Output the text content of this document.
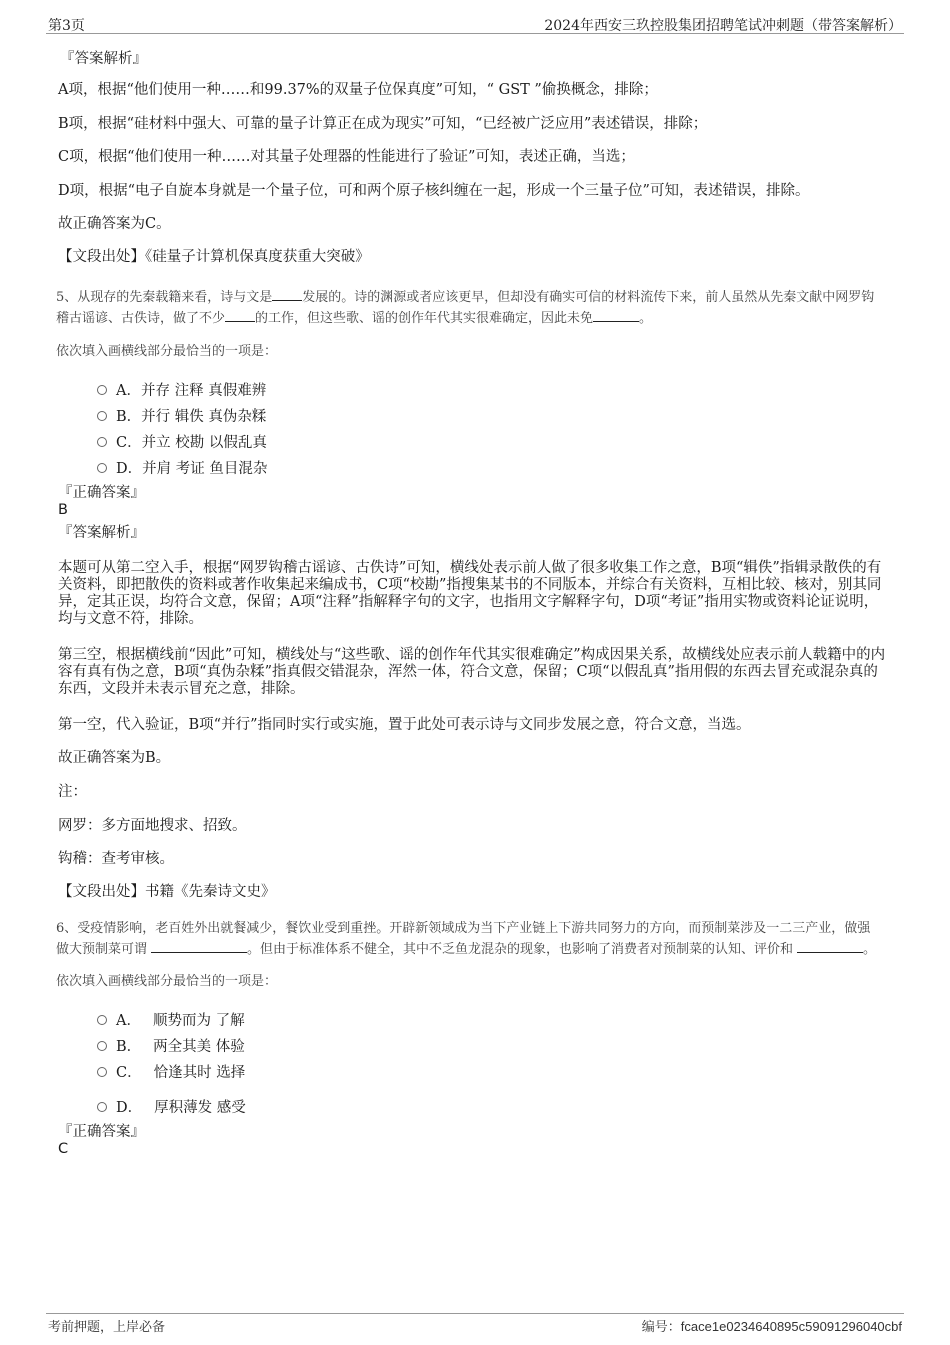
第3页	2024年西安三玖控股集团招聘笔试冲刺题（带答案解析）
『答案解析』
A项，根据“他们使用一种……和99.37%的双量子位保真度”可知，“ GST ”偷换概念，排除；
B项，根据“硅材料中强大、可靠的量子计算正在成为现实”可知，“已经被广泛应用”表述错误，排除；
C项，根据“他们使用一种……对其量子处理器的性能进行了验证”可知，表述正确，当选；
D项，根据“电子自旋本身就是一个量子位，可和两个原子核纠缠在一起，形成一个三量子位”可知，表述错误，排除。
故正确答案为C。
【文段出处】《硅量子计算机保真度获重大突破》

5、从现存的先秦载籍来看，诗与文是 发展的。诗的渊源或者应该更早，但却没有确实可信的材料流传下来，前人虽然从先秦文献中网罗钩
稽古谣谚、古佚诗，做了不少 的工作，但这些歌、谣的创作年代其实很难确定，因此未免	。

依次填入画横线部分最恰当的一项是：
A．并存 注释 真假难辨
B．并行 辑佚 真伪杂糅
C．并立 校勘 以假乱真
D．并肩 考证 鱼目混杂
『正确答案』
B
『答案解析』

本题可从第二空入手，根据“网罗钩稽古谣谚、古佚诗”可知，横线处表示前人做了很多收集工作之意，B项“辑佚”指辑录散佚的有关资料，即把散佚的资料或著作收集起来编成书，C项“校勘”指搜集某书的不同版本，并综合有关资料，互相比较、核对，别其同异，定其正误，均符合文意，保留；A项“注释”指解释字句的文字，也指用文字解释字句，D项“考证”指用实物或资料论证说明，均与文意不符，排除。

第三空，根据横线前“因此”可知，横线处与“这些歌、谣的创作年代其实很难确定”构成因果关系，故横线处应表示前人载籍中的内容有真有伪之意，B项“真伪杂糅”指真假交错混杂，浑然一体，符合文意，保留；C项“以假乱真”指用假的东西去冒充或混杂真的东西，文段并未表示冒充之意，排除。

第一空，代入验证，B项“并行”指同时实行或实施，置于此处可表示诗与文同步发展之意，符合文意，当选。
故正确答案为B。
注：
网罗：多方面地搜求、招致。
钩稽：查考审核。
【文段出处】书籍《先秦诗文史》

6、受疫情影响，老百姓外出就餐减少，餐饮业受到重挫。开辟新领域成为当下产业链上下游共同努力的方向，而预制菜涉及一二三产业，做强
做大预制菜可谓	。但由于标准体系不健全，其中不乏鱼龙混杂的现象，也影响了消费者对预制菜的认知、评价和	。

依次填入画横线部分最恰当的一项是：
A． 顺势而为 了解
B． 两全其美 体验
C． 恰逢其时 选择
D． 厚积薄发 感受
『正确答案』
C
考前押题，上岸必备	编号：fcace1e0234640895c59091296040cbf
